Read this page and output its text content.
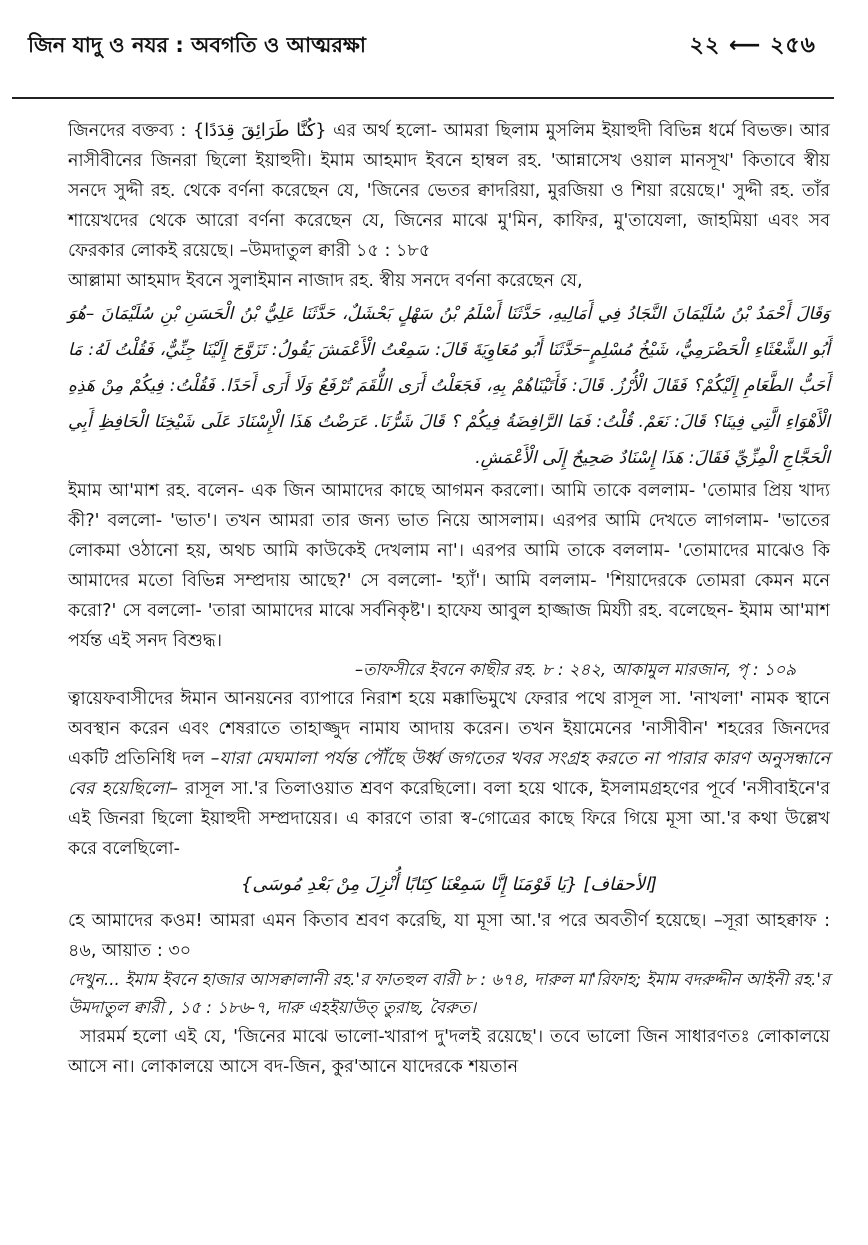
জিন যাদু ও নযর : অবগতি ও আত্মরক্ষা	২২ ⟵ ২৫৬

জিনদের বক্তব্য : {كُنَّا طَرَائِقَ قِدَدًا} এর অর্থ হলো- আমরা ছিলাম মুসলিম ইয়াহুদী বিভিন্ন ধর্মে বিভক্ত। আর নাসীবীনের জিনরা ছিলো ইয়াহুদী। ইমাম আহমাদ ইবনে হাম্বল রহ. 'আন্নাসেখ ওয়াল মানসূখ' কিতাবে স্বীয় সনদে সুদ্দী রহ. থেকে বর্ণনা করেছেন যে, 'জিনের ভেতর ক্বাদরিয়া, মুরজিয়া ও শিয়া রয়েছে।' সুদ্দী রহ. তাঁর শায়েখদের থেকে আরো বর্ণনা করেছেন যে, জিনের মাঝে মু'মিন, কাফির, মু'তাযেলা, জাহমিয়া এবং সব ফেরকার লোকই রয়েছে। –উমদাতুল ক্বারী ১৫ : ১৮৫

আল্লামা আহমাদ ইবনে সুলাইমান নাজাদ রহ. স্বীয় সনদে বর্ণনা করেছেন যে,

وَقَالَ أَحْمَدُ بْنُ سُلَيْمَانَ النَّجَادُ فِي أَمَالِيهِ، حَدَّثَنَا أَسْلَمُ بْنُ سَهْلٍ بَحْشَلٌ، حَدَّثَنَا عَلِيُّ بْنُ الْحَسَنِ بْنِ سُلَيْمَانَ –هُوَ أَبُو الشَّعْثَاءِ الْحَضْرَمِيُّ، شَيْخُ مُسْلِمٍ–حَدَّثَنَا أَبُو مُعَاوِيَةَ قَالَ: سَمِعْتُ الْأَعْمَشَ يَقُولُ: تَزَوَّجَ إِلَيْنَا جِنِّيٌّ، فَقُلْتُ لَهُ: مَا أَحَبُّ الطَّعَامِ إِلَيْكُمْ؟ فَقَالَ الْأُرْزُ. قَالَ: فَأَتَيْنَاهُمْ بِهِ، فَجَعَلْتُ أَرَى اللُّقَمَ تُرْفَعُ وَلَا أَرَى أَحَدًا. فَقُلْتُ: فِيكُمْ مِنْ هَذِهِ الْأَهْوَاءِ الَّتِي فِينَا؟ قَالَ: نَعَمْ. قُلْتُ: فَمَا الرَّافِضَةُ فِيكُمْ ؟ قَالَ شَرُّنَا. عَرَضْتُ هَذَا الْإِسْنَادَ عَلَى شَيْخِنَا الْحَافِظِ أَبِي الْحَجَّاجِ الْمِزِّيِّ فَقَالَ: هَذَا إِسْنَادٌ صَحِيحٌ إِلَى الْأَعْمَشِ.

ইমাম আ'মাশ রহ. বলেন- এক জিন আমাদের কাছে আগমন করলো। আমি তাকে বললাম- 'তোমার প্রিয় খাদ্য কী?' বললো- 'ভাত'। তখন আমরা তার জন্য ভাত নিয়ে আসলাম। এরপর আমি দেখতে লাগলাম- 'ভাতের লোকমা ওঠানো হয়, অথচ আমি কাউকেই দেখলাম না'। এরপর আমি তাকে বললাম- 'তোমাদের মাঝেও কি আমাদের মতো বিভিন্ন সম্প্রদায় আছে?' সে বললো- 'হ্যাঁ'। আমি বললাম- 'শিয়াদেরকে তোমরা কেমন মনে করো?' সে বললো- 'তারা আমাদের মাঝে সর্বনিকৃষ্ট'। হাফেয আবুল হাজ্জাজ মিয্যী রহ. বলেছেন- ইমাম আ'মাশ পর্যন্ত এই সনদ বিশুদ্ধ।

–তাফসীরে ইবনে কাছীর রহ. ৮ : ২৪২, আকামুল মারজান, পৃ : ১০৯

ত্বায়েফবাসীদের ঈমান আনয়নের ব্যাপারে নিরাশ হয়ে মক্কাভিমুখে ফেরার পথে রাসূল সা. 'নাখলা' নামক স্থানে অবস্থান করেন এবং শেষরাতে তাহাজ্জুদ নামায আদায় করেন। তখন ইয়ামেনের 'নাসীবীন' শহরের জিনদের একটি প্রতিনিধি দল –যারা মেঘমালা পর্যন্ত পৌঁছে উর্ধ্ব জগতের খবর সংগ্রহ করতে না পারার কারণ অনুসন্ধানে বের হয়েছিলো– রাসূল সা.'র তিলাওয়াত শ্রবণ করেছিলো। বলা হয়ে থাকে, ইসলামগ্রহণের পূর্বে 'নসীবাইনে'র এই জিনরা ছিলো ইয়াহুদী সম্প্রদায়ের। এ কারণে তারা স্ব-গোত্রের কাছে ফিরে গিয়ে মূসা আ.'র কথা উল্লেখ করে বলেছিলো-

{يَا قَوْمَنَا إِنَّا سَمِعْنَا كِتَابًا أُنْزِلَ مِنْ بَعْدِ مُوسَى} [الأحقاف]

হে আমাদের কওম! আমরা এমন কিতাব শ্রবণ করেছি, যা মূসা আ.'র পরে অবতীর্ণ হয়েছে। –সূরা আহক্বাফ : ৪৬, আয়াত : ৩০

দেখুন... ইমাম ইবনে হাজার আসক্বালানী রহ.'র ফাতহুল বারী ৮ : ৬৭৪, দারুল মা'রিফাহ; ইমাম বদরুদ্দীন আইনী রহ.'র উমদাতুল ক্বারী , ১৫ : ১৮৬-৭, দারু এহইয়াউত্ তুরাছ, বৈরুত।

সারমর্ম হলো এই যে, 'জিনের মাঝে ভালো-খারাপ দু'দলই রয়েছে'। তবে ভালো জিন সাধারণতঃ লোকালয়ে আসে না। লোকালয়ে আসে বদ-জিন, কুর'আনে যাদেরকে শয়তান
